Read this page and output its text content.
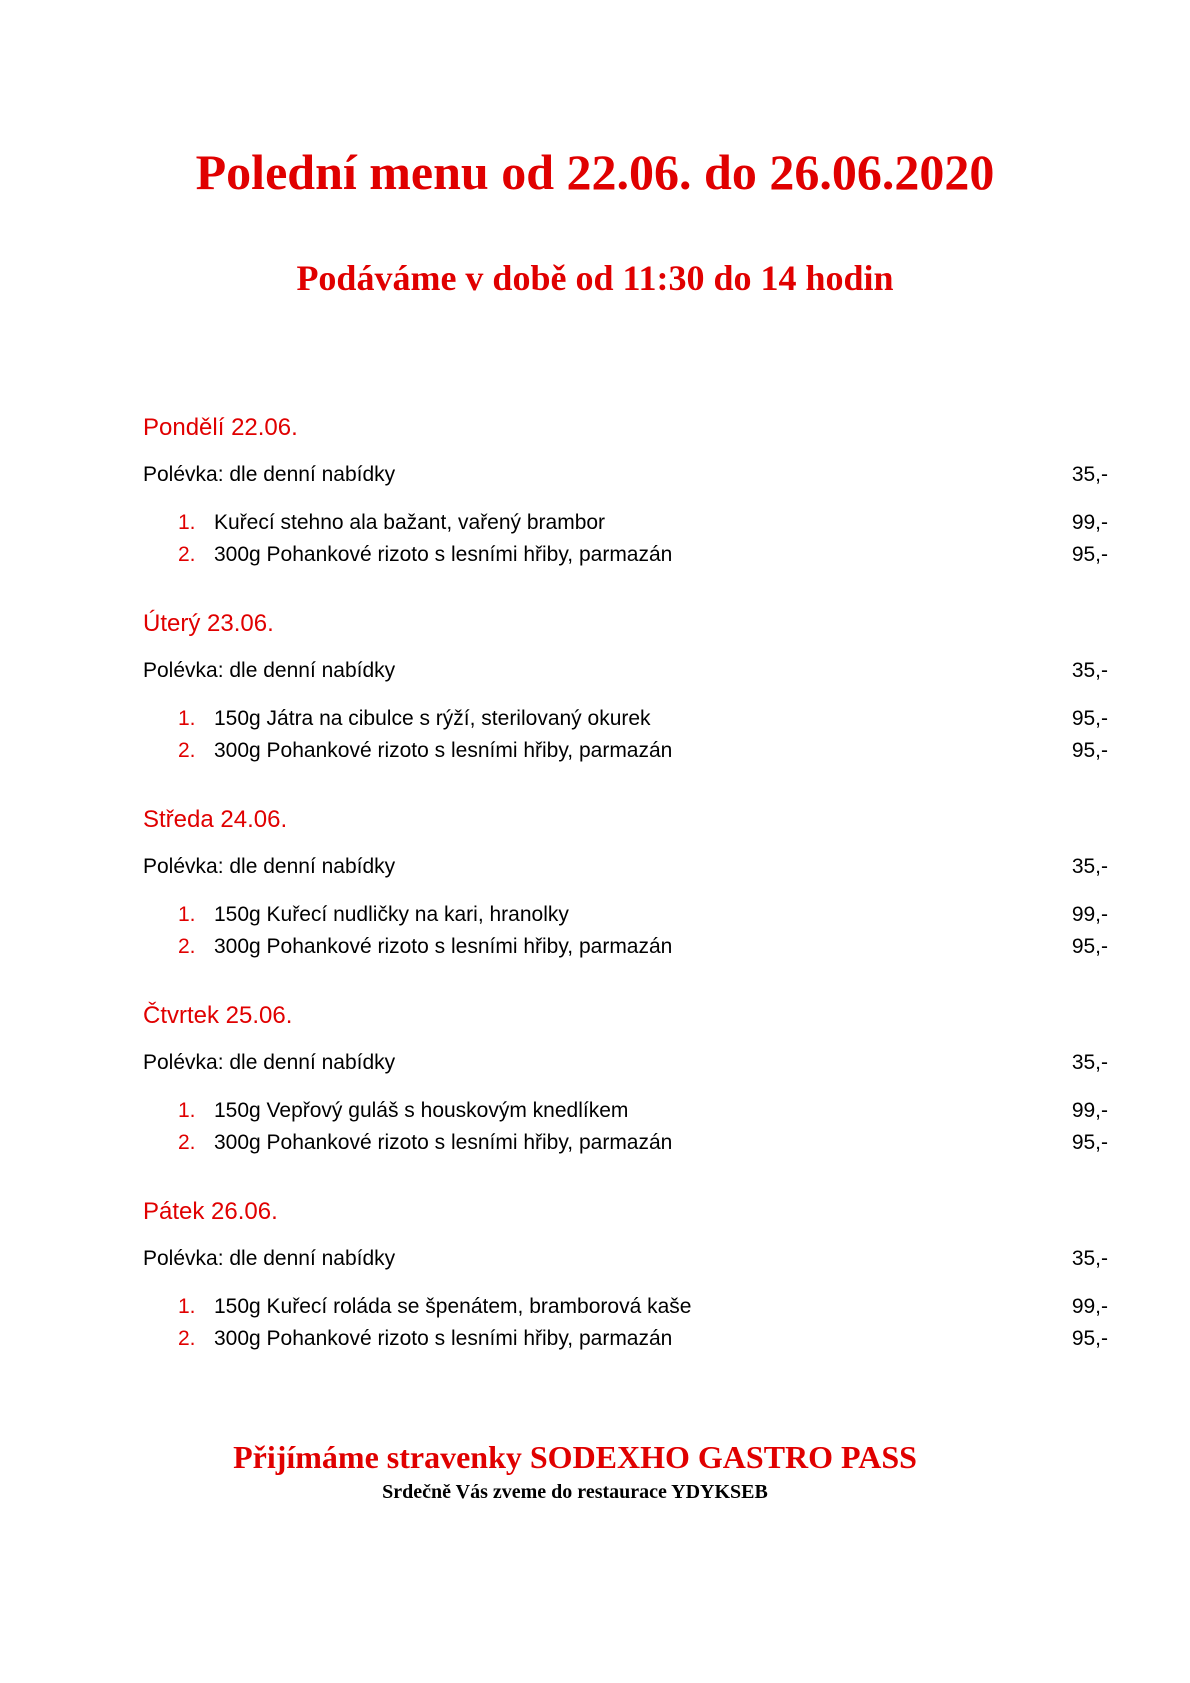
Polední menu od 22.06. do 26.06.2020
Podáváme v době od 11:30 do 14 hodin
Pondělí 22.06.
Polévka: dle denní nabídky	35,-
1. Kuřecí stehno ala bažant, vařený brambor	99,-
2. 300g Pohankové rizoto s lesními hřiby, parmazán	95,-
Úterý 23.06.
Polévka: dle denní nabídky	35,-
1. 150g Játra na cibulce s rýží, sterilovaný okurek	95,-
2. 300g Pohankové rizoto s lesními hřiby, parmazán	95,-
Středa 24.06.
Polévka: dle denní nabídky	35,-
1. 150g Kuřecí nudličky na kari, hranolky	99,-
2. 300g Pohankové rizoto s lesními hřiby, parmazán	95,-
Čtvrtek 25.06.
Polévka: dle denní nabídky	35,-
1. 150g Vepřový guláš s houskovým knedlíkem	99,-
2. 300g Pohankové rizoto s lesními hřiby, parmazán	95,-
Pátek 26.06.
Polévka: dle denní nabídky	35,-
1. 150g Kuřecí roláda se špenátem, bramborová kaše	99,-
2. 300g Pohankové rizoto s lesními hřiby, parmazán	95,-
Přijímáme stravenky SODEXHO GASTRO PASS
Srdečně Vás zveme do restaurace YDYKSEB
